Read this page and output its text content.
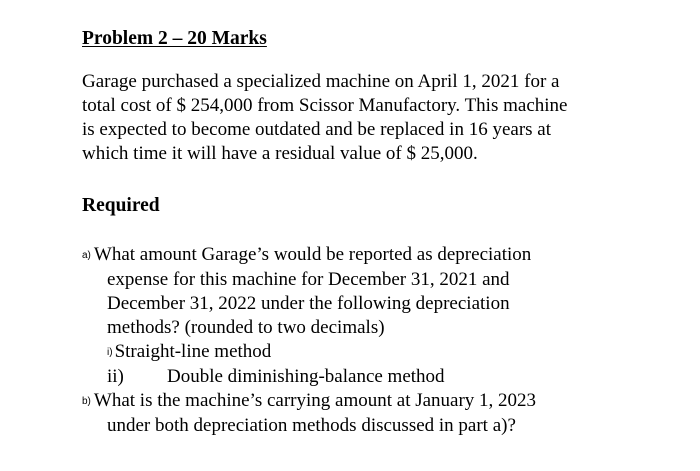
Problem 2 – 20 Marks
Garage purchased a specialized machine on April 1, 2021 for a
total cost of $ 254,000 from Scissor Manufactory. This machine
is expected to become outdated and be replaced in 16 years at
which time it will have a residual value of $ 25,000.
Required
a) What amount Garage’s would be reported as depreciation
expense for this machine for December 31, 2021 and
December 31, 2022 under the following depreciation
methods? (rounded to two decimals)
i) Straight-line method
ii) Double diminishing-balance method
b) What is the machine’s carrying amount at January 1, 2023
under both depreciation methods discussed in part a)?
